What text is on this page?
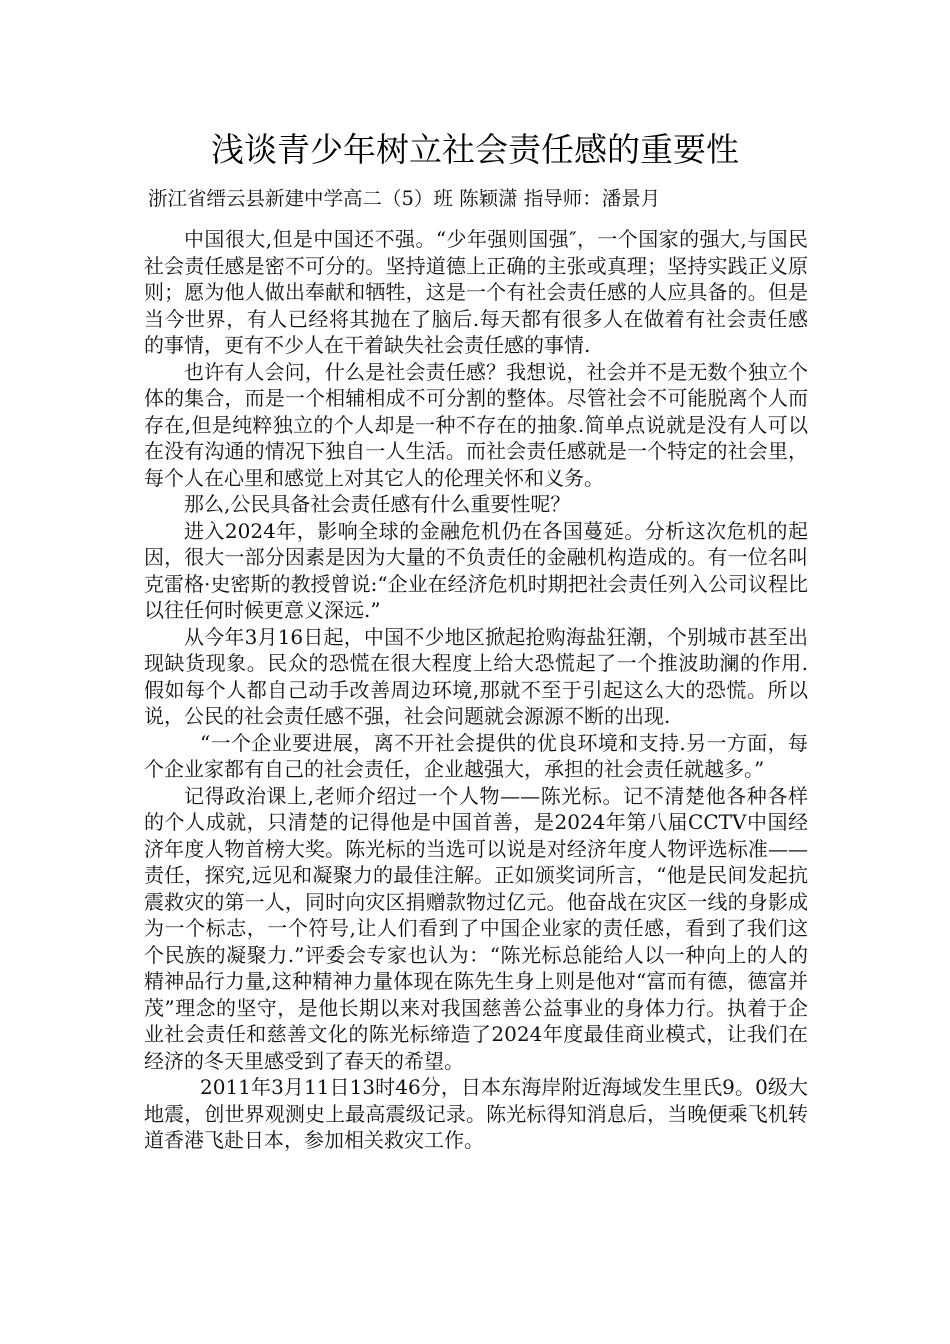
浅谈青少年树立社会责任感的重要性
浙江省缙云县新建中学高二（5）班 陈颖潇 指导师：潘景月

中国很大,但是中国还不强。“少年强则国强″，一个国家的强大,与国民社会责任感是密不可分的。坚持道德上正确的主张或真理；坚持实践正义原则；愿为他人做出奉献和牺牲，这是一个有社会责任感的人应具备的。但是当今世界，有人已经将其抛在了脑后.每天都有很多人在做着有社会责任感的事情，更有不少人在干着缺失社会责任感的事情.

也许有人会问，什么是社会责任感？我想说，社会并不是无数个独立个体的集合，而是一个相辅相成不可分割的整体。尽管社会不可能脱离个人而存在,但是纯粹独立的个人却是一种不存在的抽象.简单点说就是没有人可以在没有沟通的情况下独自一人生活。而社会责任感就是一个特定的社会里，每个人在心里和感觉上对其它人的伦理关怀和义务。

那么,公民具备社会责任感有什么重要性呢？

进入2024年，影响全球的金融危机仍在各国蔓延。分析这次危机的起因，很大一部分因素是因为大量的不负责任的金融机构造成的。有一位名叫克雷格·史密斯的教授曾说:“企业在经济危机时期把社会责任列入公司议程比以往任何时候更意义深远.”

从今年3月16日起，中国不少地区掀起抢购海盐狂潮，个别城市甚至出现缺货现象。民众的恐慌在很大程度上给大恐慌起了一个推波助澜的作用.假如每个人都自己动手改善周边环境,那就不至于引起这么大的恐慌。所以说，公民的社会责任感不强，社会问题就会源源不断的出现.

“一个企业要进展，离不开社会提供的优良环境和支持.另一方面，每个企业家都有自己的社会责任，企业越强大，承担的社会责任就越多。”

记得政治课上,老师介绍过一个人物——陈光标。记不清楚他各种各样的个人成就，只清楚的记得他是中国首善，是2024年第八届CCTV中国经济年度人物首榜大奖。陈光标的当选可以说是对经济年度人物评选标准——责任，探究,远见和凝聚力的最佳注解。正如颁奖词所言，“他是民间发起抗震救灾的第一人，同时向灾区捐赠款物过亿元。他奋战在灾区一线的身影成为一个标志，一个符号,让人们看到了中国企业家的责任感，看到了我们这个民族的凝聚力.”评委会专家也认为：“陈光标总能给人以一种向上的人的精神品行力量,这种精神力量体现在陈先生身上则是他对“富而有德，德富并茂”理念的坚守，是他长期以来对我国慈善公益事业的身体力行。执着于企业社会责任和慈善文化的陈光标缔造了2024年度最佳商业模式，让我们在经济的冬天里感受到了春天的希望。

2011年3月11日13时46分，日本东海岸附近海域发生里氏9。0级大地震，创世界观测史上最高震级记录。陈光标得知消息后，当晚便乘飞机转道香港飞赴日本，参加相关救灾工作。
